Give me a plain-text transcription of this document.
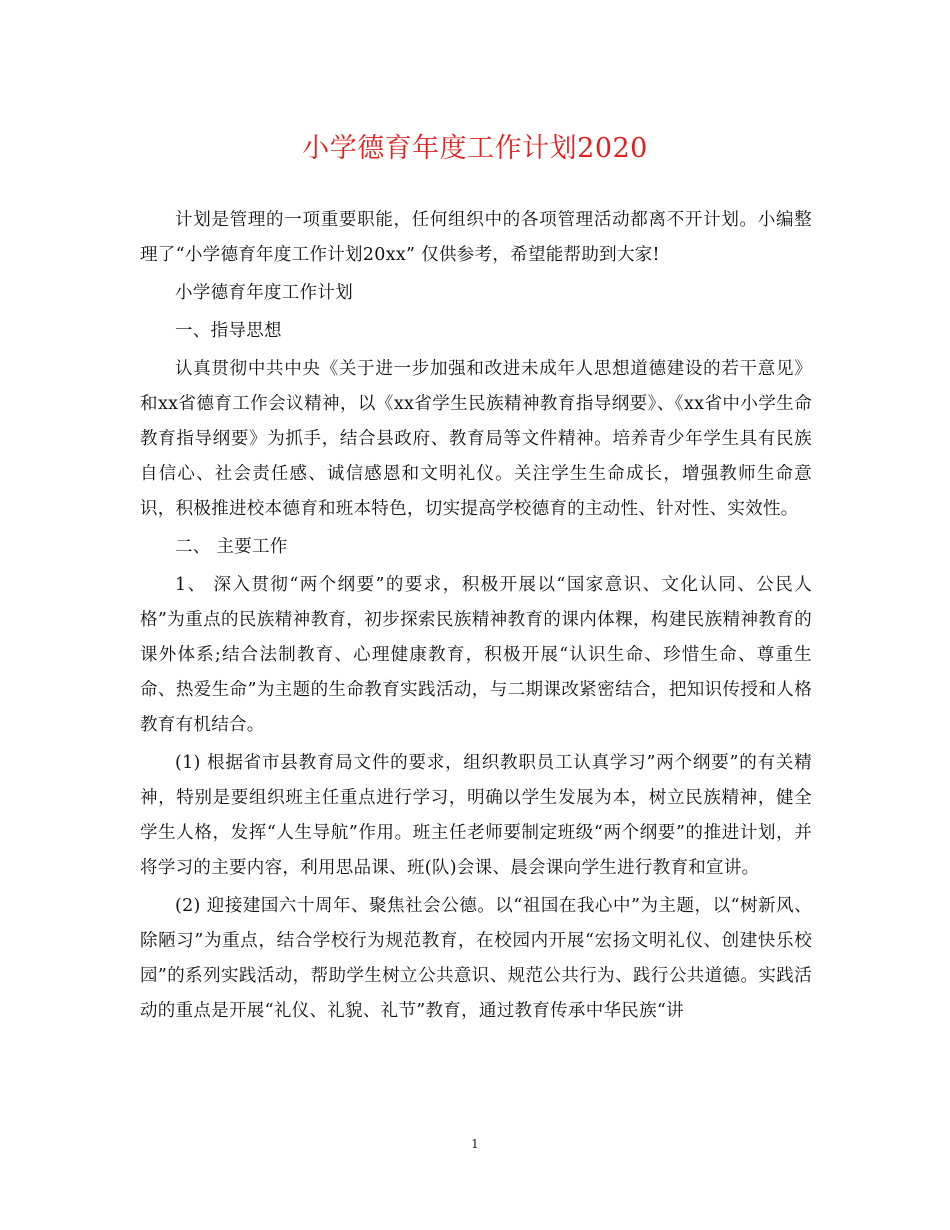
小学德育年度工作计划2020

计划是管理的一项重要职能，任何组织中的各项管理活动都离不开计划。小编整理了“小学德育年度工作计划20xx” 仅供参考，希望能帮助到大家!

小学德育年度工作计划

一、指导思想

认真贯彻中共中央《关于进一步加强和改进未成年人思想道德建设的若干意见》和xx省德育工作会议精神，以《xx省学生民族精神教育指导纲要》、《xx省中小学生命教育指导纲要》为抓手，结合县政府、教育局等文件精神。培养青少年学生具有民族自信心、社会责任感、诚信感恩和文明礼仪。关注学生生命成长，增强教师生命意识，积极推进校本德育和班本特色，切实提高学校德育的主动性、针对性、实效性。

二、 主要工作

1、 深入贯彻“两个纲要”的要求，积极开展以“国家意识、文化认同、公民人格”为重点的民族精神教育，初步探索民族精神教育的课内体粿，构建民族精神教育的课外体系;结合法制教育、心理健康教育，积极开展“认识生命、珍惜生命、尊重生命、热爱生命”为主题的生命教育实践活动，与二期课改紧密结合，把知识传授和人格教育有机结合。

(1) 根据省市县教育局文件的要求，组织教职员工认真学习”两个纲要”的有关精神，特别是要组织班主任重点进行学习，明确以学生发展为本，树立民族精神，健全学生人格，发挥“人生导航”作用。班主任老师要制定班级“两个纲要”的推进计划，并将学习的主要内容，利用思品课、班(队)会课、晨会课向学生进行教育和宣讲。

(2) 迎接建国六十周年、聚焦社会公德。以“祖国在我心中”为主题，以“树新风、除陋习”为重点，结合学校行为规范教育，在校园内开展“宏扬文明礼仪、创建快乐校园”的系列实践活动，帮助学生树立公共意识、规范公共行为、践行公共道德。实践活动的重点是开展“礼仪、礼貌、礼节”教育，通过教育传承中华民族“讲

1
